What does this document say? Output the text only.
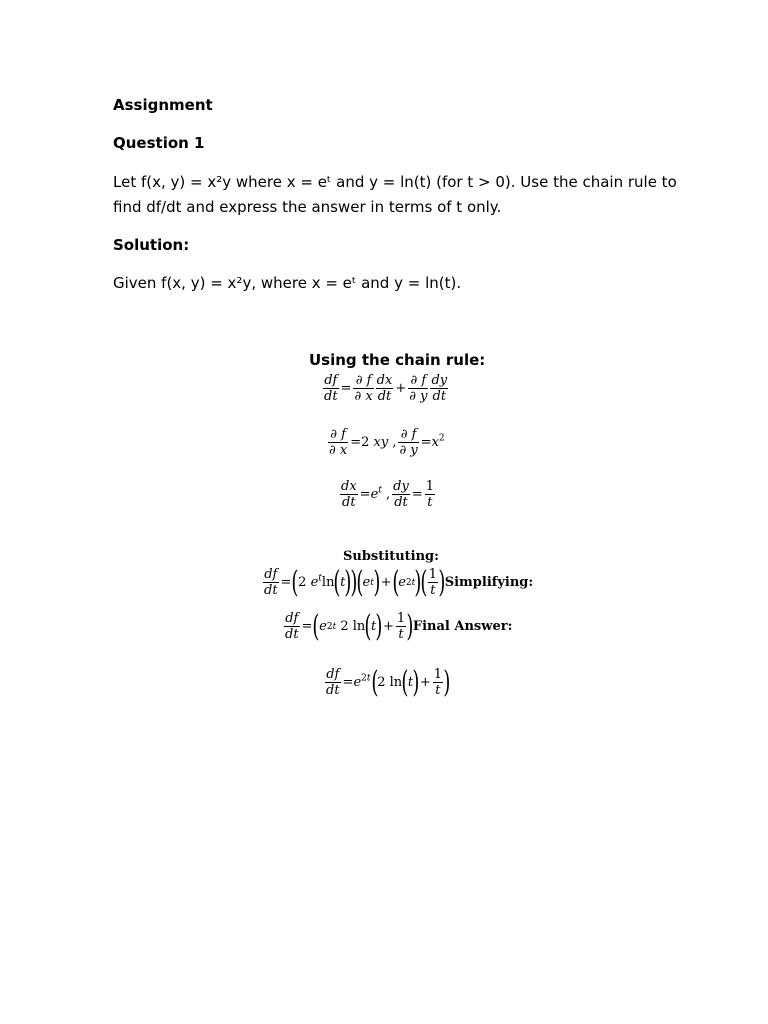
Assignment
Question 1
Let f(x, y) = x²y where x = eᵗ and y = ln(t) (for t > 0). Use the chain rule to
find df/dt and express the answer in terms of t only.
Solution:
Given f(x, y) = x²y, where x = eᵗ and y = ln(t).
Using the chain rule:
$\frac{df}{dt} = \frac{\partial f}{\partial x} \frac{dx}{dt} + \frac{\partial f}{\partial y} \frac{dy}{dt}$
$\frac{\partial f}{\partial x} =2$ xy , $\frac{\partial f}{\partial y} =x^2$
$\frac{dx}{dt} =e^t$ , $\frac{dy}{dt} = \frac{1}{t}$
Substituting:
$\frac{df}{dt}$ = ( 2 $e^t\ln$ ( t )
)
( e t ) + ( e 2t )
( $\frac{1}{t}$ ) Simplifying:
$\frac{df}{dt}$ = ( e 2t 2 ln ( t ) + $\frac{1}{t}$ ) Final Answer:
$\frac{df}{dt} =e^{2t}$ ( 2 ln ( t ) + $\frac{1}{t}$ )
